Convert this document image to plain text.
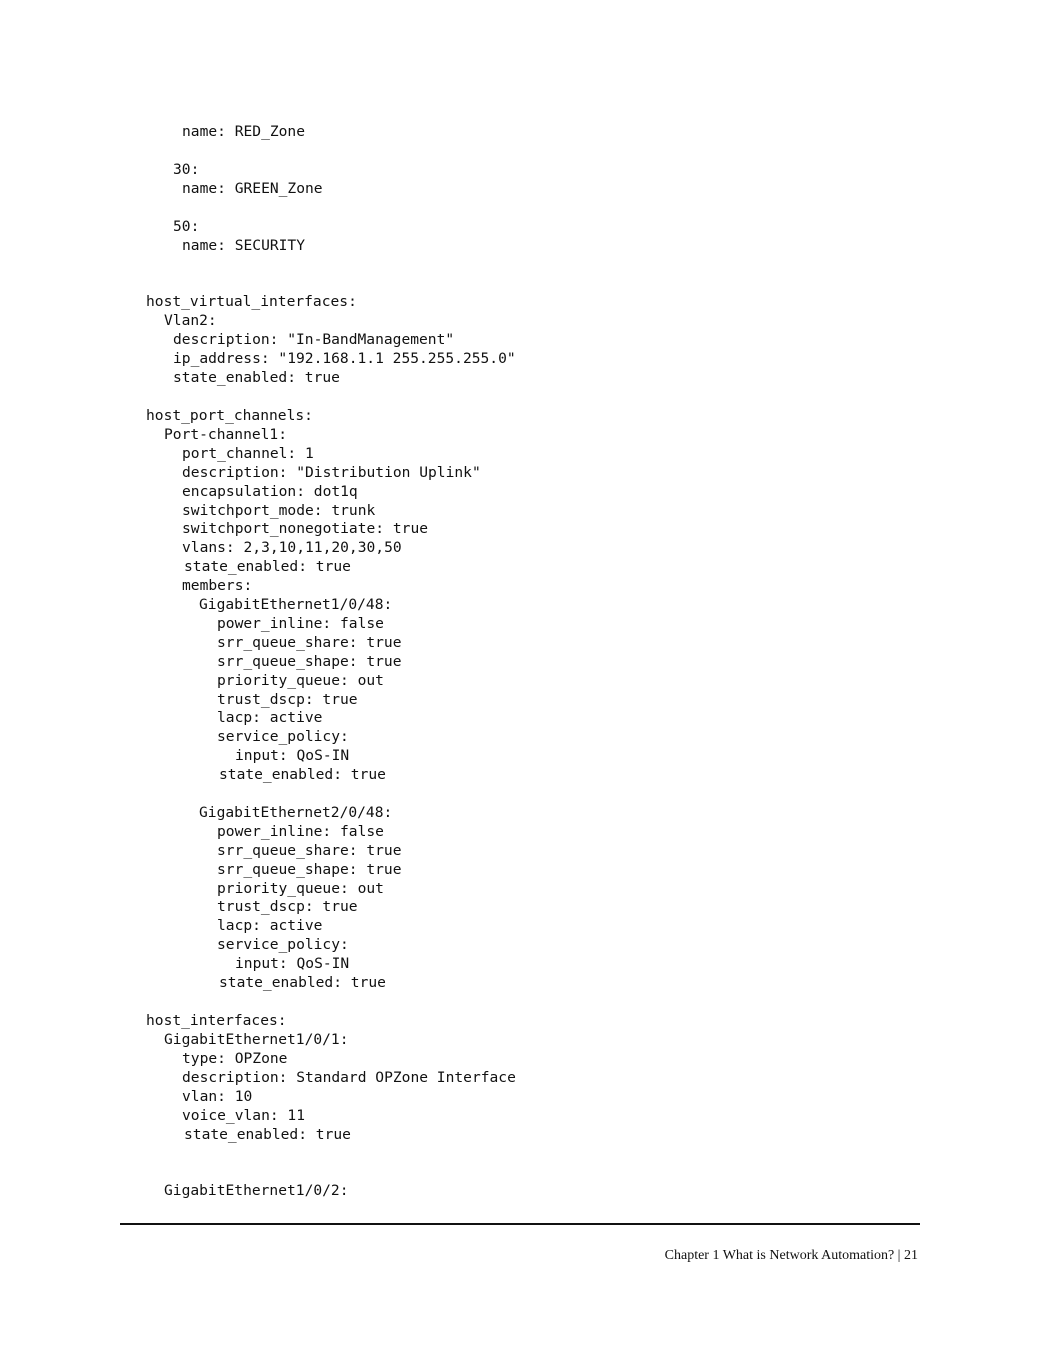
name: RED_Zone
30:
name: GREEN_Zone
50:
name: SECURITY
host_virtual_interfaces:
Vlan2:
description: "In-BandManagement"
ip_address: "192.168.1.1 255.255.255.0"
state_enabled: true
host_port_channels:
Port-channel1:
port_channel: 1
description: "Distribution Uplink"
encapsulation: dot1q
switchport_mode: trunk
switchport_nonegotiate: true
vlans: 2,3,10,11,20,30,50
state_enabled: true
members:
GigabitEthernet1/0/48:
power_inline: false
srr_queue_share: true
srr_queue_shape: true
priority_queue: out
trust_dscp: true
lacp: active
service_policy:
input: QoS-IN
state_enabled: true
GigabitEthernet2/0/48:
power_inline: false
srr_queue_share: true
srr_queue_shape: true
priority_queue: out
trust_dscp: true
lacp: active
service_policy:
input: QoS-IN
state_enabled: true
host_interfaces:
GigabitEthernet1/0/1:
type: OPZone
description: Standard OPZone Interface
vlan: 10
voice_vlan: 11
state_enabled: true
GigabitEthernet1/0/2:
Chapter 1 What is Network Automation? | 21
